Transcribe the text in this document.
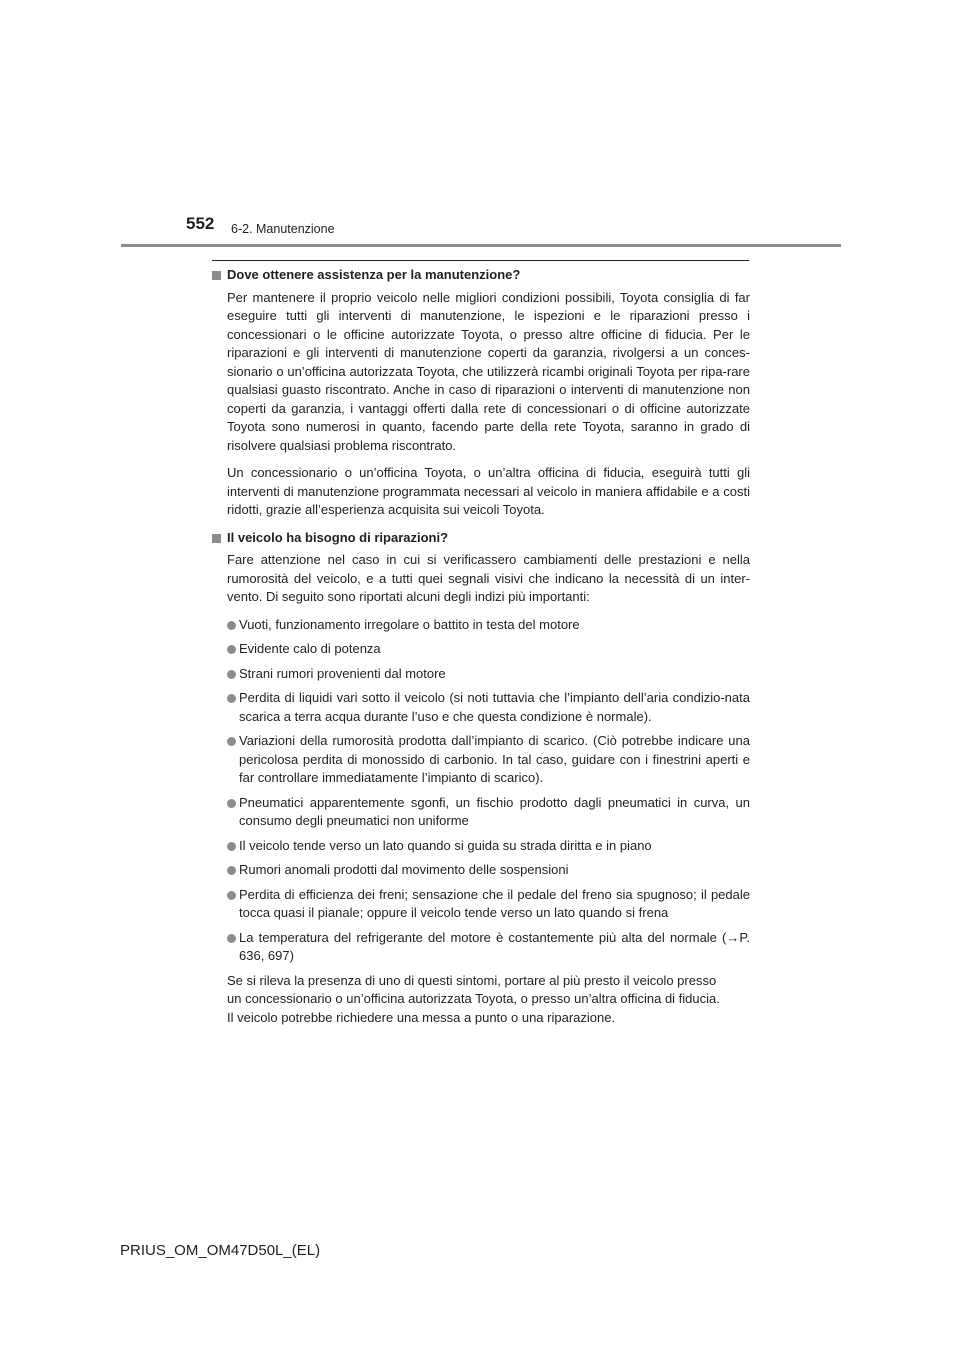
552 6-2. Manutenzione
Dove ottenere assistenza per la manutenzione?

Per mantenere il proprio veicolo nelle migliori condizioni possibili, Toyota consiglia di far eseguire tutti gli interventi di manutenzione, le ispezioni e le riparazioni presso i concessionari o le officine autorizzate Toyota, o presso altre officine di fiducia. Per le riparazioni e gli interventi di manutenzione coperti da garanzia, rivolgersi a un conces-sionario o un’officina autorizzata Toyota, che utilizzerà ricambi originali Toyota per ripa-rare qualsiasi guasto riscontrato. Anche in caso di riparazioni o interventi di manutenzione non coperti da garanzia, i vantaggi offerti dalla rete di concessionari o di officine autorizzate Toyota sono numerosi in quanto, facendo parte della rete Toyota, saranno in grado di risolvere qualsiasi problema riscontrato.

Un concessionario o un’officina Toyota, o un’altra officina di fiducia, eseguirà tutti gli interventi di manutenzione programmata necessari al veicolo in maniera affidabile e a costi ridotti, grazie all’esperienza acquisita sui veicoli Toyota.

Il veicolo ha bisogno di riparazioni?

Fare attenzione nel caso in cui si verificassero cambiamenti delle prestazioni e nella rumorosità del veicolo, e a tutti quei segnali visivi che indicano la necessità di un inter-vento. Di seguito sono riportati alcuni degli indizi più importanti:

Vuoti, funzionamento irregolare o battito in testa del motore
Evidente calo di potenza
Strani rumori provenienti dal motore
Perdita di liquidi vari sotto il veicolo (si noti tuttavia che l’impianto dell’aria condizio-nata scarica a terra acqua durante l’uso e che questa condizione è normale).
Variazioni della rumorosità prodotta dall’impianto di scarico. (Ciò potrebbe indicare una pericolosa perdita di monossido di carbonio. In tal caso, guidare con i finestrini aperti e far controllare immediatamente l’impianto di scarico).
Pneumatici apparentemente sgonfi, un fischio prodotto dagli pneumatici in curva, un consumo degli pneumatici non uniforme
Il veicolo tende verso un lato quando si guida su strada diritta e in piano
Rumori anomali prodotti dal movimento delle sospensioni
Perdita di efficienza dei freni; sensazione che il pedale del freno sia spugnoso; il pedale tocca quasi il pianale; oppure il veicolo tende verso un lato quando si frena
La temperatura del refrigerante del motore è costantemente più alta del normale (→P. 636, 697)
Se si rileva la presenza di uno di questi sintomi, portare al più presto il veicolo presso
un concessionario o un’officina autorizzata Toyota, o presso un’altra officina di fiducia.
Il veicolo potrebbe richiedere una messa a punto o una riparazione.
PRIUS_OM_OM47D50L_(EL)
